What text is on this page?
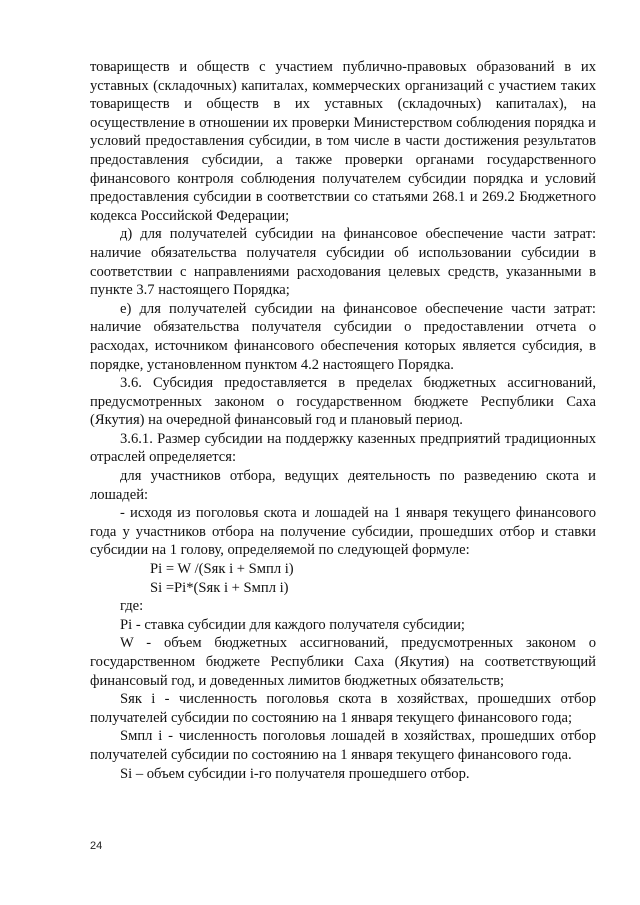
товариществ и обществ с участием публично-правовых образований в их уставных (складочных) капиталах, коммерческих организаций с участием таких товариществ и обществ в их уставных (складочных) капиталах), на осуществление в отношении их проверки Министерством соблюдения порядка и условий предоставления субсидии, в том числе в части достижения результатов предоставления субсидии, а также проверки органами государственного финансового контроля соблюдения получателем субсидии порядка и условий предоставления субсидии в соответствии со статьями 268.1 и 269.2 Бюджетного кодекса Российской Федерации;

д) для получателей субсидии на финансовое обеспечение части затрат: наличие обязательства получателя субсидии об использовании субсидии в соответствии с направлениями расходования целевых средств, указанными в пункте 3.7 настоящего Порядка;

е) для получателей субсидии на финансовое обеспечение части затрат: наличие обязательства получателя субсидии о предоставлении отчета о расходах, источником финансового обеспечения которых является субсидия, в порядке, установленном пунктом 4.2 настоящего Порядка.

3.6. Субсидия предоставляется в пределах бюджетных ассигнований, предусмотренных законом о государственном бюджете Республики Саха (Якутия) на очередной финансовый год и плановый период.

3.6.1. Размер субсидии на поддержку казенных предприятий традиционных отраслей определяется:

для участников отбора, ведущих деятельность по разведению скота и лошадей:

- исходя из поголовья скота и лошадей на 1 января текущего финансового года у участников отбора на получение субсидии, прошедших отбор и ставки субсидии на 1 голову, определяемой по следующей формуле:

Pi = W /(Sяк i + Sмпл i)

Si =Pi*(Sяк i + Sмпл i)

где:

Pi - ставка субсидии для каждого получателя субсидии;

W - объем бюджетных ассигнований, предусмотренных законом о государственном бюджете Республики Саха (Якутия) на соответствующий финансовый год, и доведенных лимитов бюджетных обязательств;

Sяк i - численность поголовья скота в хозяйствах, прошедших отбор получателей субсидии по состоянию на 1 января текущего финансового года;

Sмпл i - численность поголовья лошадей в хозяйствах, прошедших отбор получателей субсидии по состоянию на 1 января текущего финансового года.

Si – объем субсидии i-го получателя прошедшего отбор.

24
